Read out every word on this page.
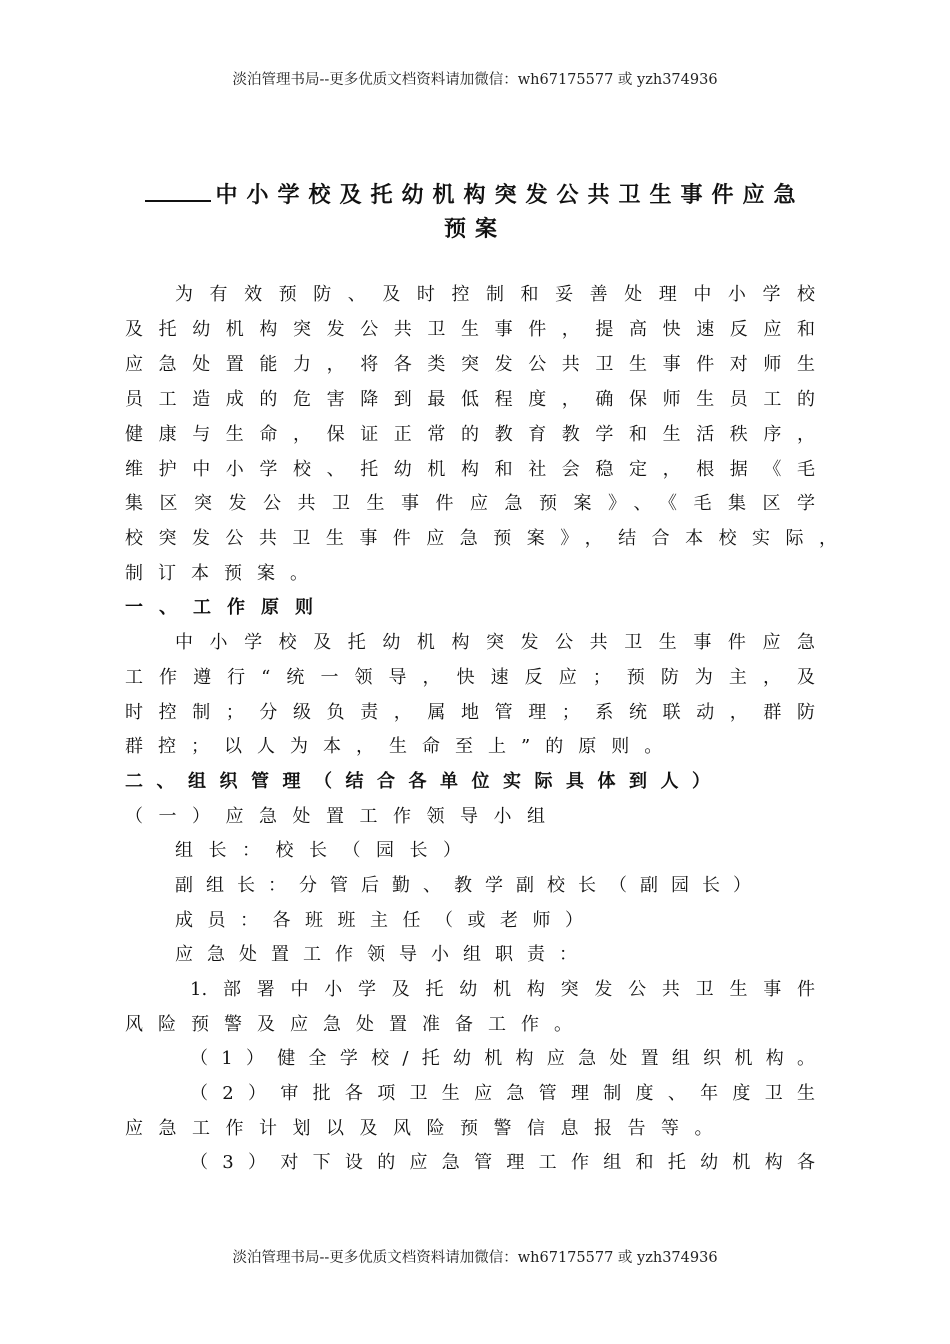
淡泊管理书局--更多优质文档资料请加微信：wh67175577 或 yzh374936
中小学校及托幼机构突发公共卫生事件应急
预案
为有效预防、及时控制和妥善处理中小学校
及托幼机构突发公共卫生事件，提高快速反应和
应急处置能力，将各类突发公共卫生事件对师生
员工造成的危害降到最低程度，确保师生员工的
健康与生命，保证正常的教育教学和生活秩序，
维护中小学校、托幼机构和社会稳定，根据《毛
集区突发公共卫生事件应急预案》、《毛集区学
校突发公共卫生事件应急预案》，结合本校实际，
制订本预案。
一、工作原则
中小学校及托幼机构突发公共卫生事件应急
工作遵行“统一领导，快速反应；预防为主，及
时控制；分级负责，属地管理；系统联动，群防
群控；以人为本，生命至上”的原则。
二、组织管理（结合各单位实际具体到人）
（一）应急处置工作领导小组
组长：校长（园长）
副组长：分管后勤、教学副校长（副园长）
成员：各班班主任（或老师）
应急处置工作领导小组职责：
1.部署中小学及托幼机构突发公共卫生事件
风险预警及应急处置准备工作。
（1）健全学校/托幼机构应急处置组织机构。
（2）审批各项卫生应急管理制度、年度卫生
应急工作计划以及风险预警信息报告等。
（3）对下设的应急管理工作组和托幼机构各
淡泊管理书局--更多优质文档资料请加微信：wh67175577 或 yzh374936
